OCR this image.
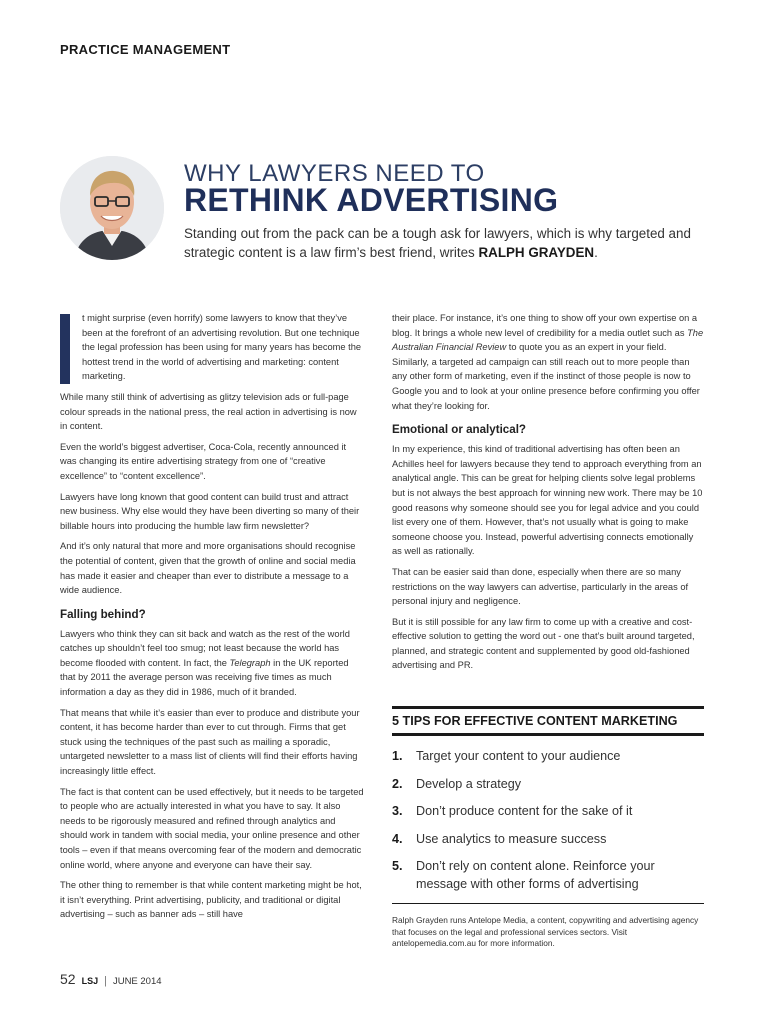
PRACTICE MANAGEMENT
WHY LAWYERS NEED TO
RETHINK ADVERTISING
Standing out from the pack can be a tough ask for lawyers, which is why targeted and strategic content is a law firm’s best friend, writes RALPH GRAYDEN.

t might surprise (even horrify) some lawyers to know that they’ve been at the forefront of an advertising revolution. But one technique the legal profession has been using for many years has become the hottest trend in the world of advertising and marketing: content marketing.

While many still think of advertising as glitzy television ads or full-page colour spreads in the national press, the real action in advertising is now in content.

Even the world’s biggest advertiser, Coca-Cola, recently announced it was changing its entire advertising strategy from one of “creative excellence” to “content excellence”.

Lawyers have long known that good content can build trust and attract new business. Why else would they have been diverting so many of their billable hours into producing the humble law firm newsletter?

And it’s only natural that more and more organisations should recognise the potential of content, given that the growth of online and social media has made it easier and cheaper than ever to distribute a message to a wide audience.

Falling behind?

Lawyers who think they can sit back and watch as the rest of the world catches up shouldn’t feel too smug; not least because the world has become flooded with content. In fact, the Telegraph in the UK reported that by 2011 the average person was receiving five times as much information a day as they did in 1986, much of it branded.

That means that while it’s easier than ever to produce and distribute your content, it has become harder than ever to cut through. Firms that get stuck using the techniques of the past such as mailing a sporadic, untargeted newsletter to a mass list of clients will find their efforts having increasingly little effect.

The fact is that content can be used effectively, but it needs to be targeted to people who are actually interested in what you have to say. It also needs to be rigorously measured and refined through analytics and should work in tandem with social media, your online presence and other tools – even if that means overcoming fear of the modern and democratic online world, where anyone and everyone can have their say.

The other thing to remember is that while content marketing might be hot, it isn’t everything. Print advertising, publicity, and traditional or digital advertising – such as banner ads – still have

their place. For instance, it’s one thing to show off your own expertise on a blog. It brings a whole new level of credibility for a media outlet such as The Australian Financial Review to quote you as an expert in your field. Similarly, a targeted ad campaign can still reach out to more people than any other form of marketing, even if the instinct of those people is now to Google you and to look at your online presence before confirming you offer what they’re looking for.

Emotional or analytical?

In my experience, this kind of traditional advertising has often been an Achilles heel for lawyers because they tend to approach everything from an analytical angle. This can be great for helping clients solve legal problems but is not always the best approach for winning new work. There may be 10 good reasons why someone should see you for legal advice and you could list every one of them. However, that’s not usually what is going to make someone choose you. Instead, powerful advertising connects emotionally as well as rationally.

That can be easier said than done, especially when there are so many restrictions on the way lawyers can advertise, particularly in the areas of personal injury and negligence.

But it is still possible for any law firm to come up with a creative and cost-effective solution to getting the word out - one that’s built around targeted, planned, and strategic content and supplemented by good old-fashioned advertising and PR.

5 TIPS FOR EFFECTIVE CONTENT MARKETING
1.	Target your content to your audience
2.	Develop a strategy
3.	Don’t produce content for the sake of it
4.	Use analytics to measure success
5.	Don’t rely on content alone. Reinforce your message with other forms of advertising
Ralph Grayden runs Antelope Media, a content, copywriting and advertising agency that focuses on the legal and professional services sectors. Visit antelopemedia.com.au for more information.
52 LSJ | JUNE 2014
